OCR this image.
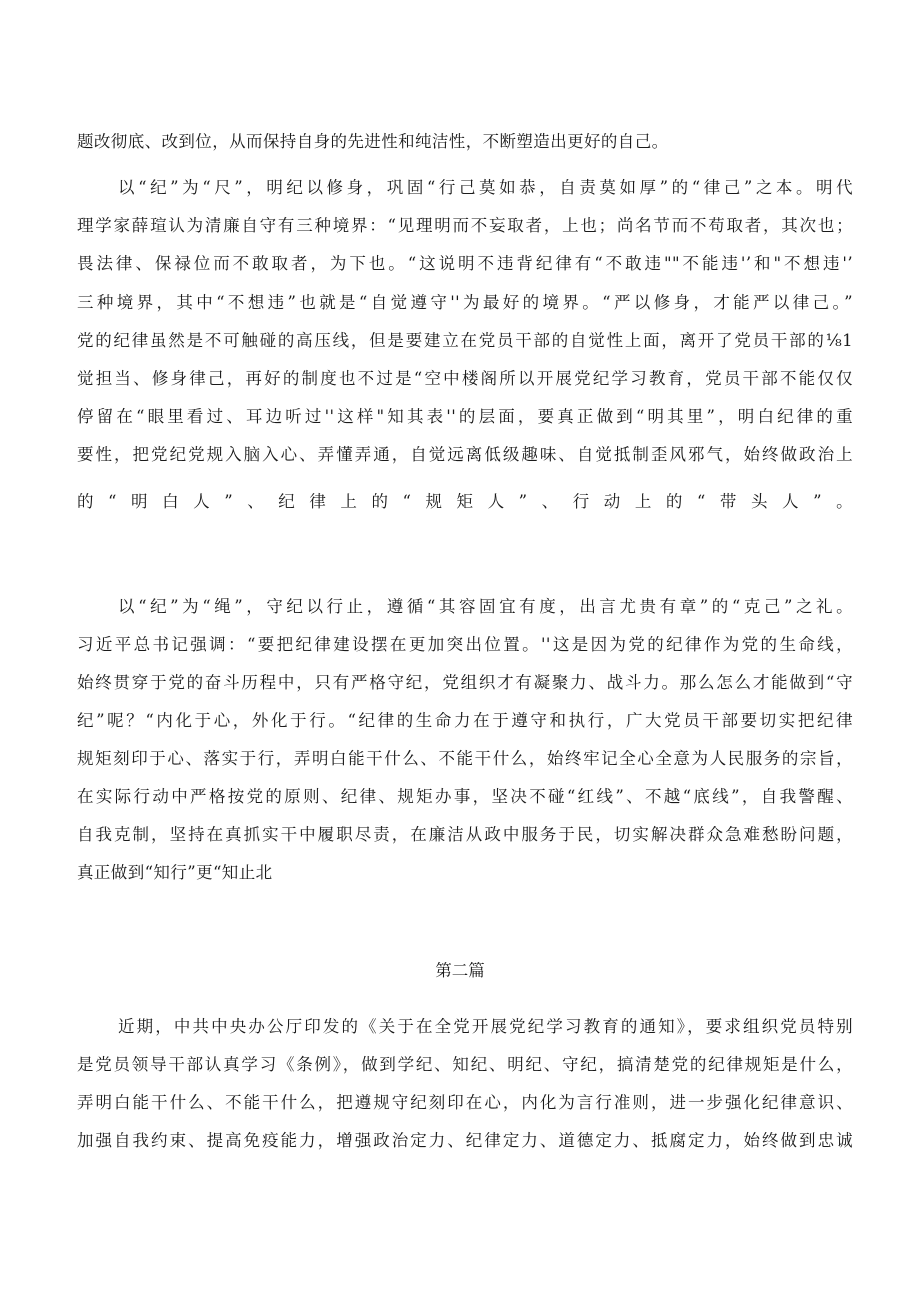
题改彻底、改到位，从而保持自身的先进性和纯洁性，不断塑造出更好的自己。
以“纪”为“尺”，明纪以修身，巩固“行己莫如恭，自责莫如厚”的“律己”之本。明代
理学家薛瑄认为清廉自守有三种境界：“见理明而不妄取者，上也；尚名节而不苟取者，其次也；
畏法律、保禄位而不敢取者，为下也。“这说明不违背纪律有“不敢违""不能违'’和"不想违'’
三种境界，其中“不想违”也就是“自觉遵守''为最好的境界。“严以修身，才能严以律己。”
党的纪律虽然是不可触碰的高压线，但是要建立在党员干部的自觉性上面，离开了党员干部的⅛1
觉担当、修身律己，再好的制度也不过是“空中楼阁所以开展党纪学习教育，党员干部不能仅仅
停留在“眼里看过、耳边听过''这样"知其表''的层面，要真正做到“明其里”，明白纪律的重
要性，把党纪党规入脑入心、弄懂弄通，自觉远离低级趣味、自觉抵制歪风邪气，始终做政治上
的“明白人”、纪律上的“规矩人”、行动上的“带头人”。
以“纪”为“绳”，守纪以行止，遵循“其容固宜有度，出言尤贵有章”的“克己”之礼。
习近平总书记强调：“要把纪律建设摆在更加突出位置。''这是因为党的纪律作为党的生命线，
始终贯穿于党的奋斗历程中，只有严格守纪，党组织才有凝聚力、战斗力。那么怎么才能做到“守
纪”呢？“内化于心，外化于行。“纪律的生命力在于遵守和执行，广大党员干部要切实把纪律
规矩刻印于心、落实于行，弄明白能干什么、不能干什么，始终牢记全心全意为人民服务的宗旨，
在实际行动中严格按党的原则、纪律、规矩办事，坚决不碰“红线”、不越“底线”，自我警醒、
自我克制，坚持在真抓实干中履职尽责，在廉洁从政中服务于民，切实解决群众急难愁盼问题，
真正做到“知行”更“知止北
第二篇
近期，中共中央办公厅印发的《关于在全党开展党纪学习教育的通知》，要求组织党员特别
是党员领导干部认真学习《条例》，做到学纪、知纪、明纪、守纪，搞清楚党的纪律规矩是什么，
弄明白能干什么、不能干什么，把遵规守纪刻印在心，内化为言行准则，进一步强化纪律意识、
加强自我约束、提高免疫能力，增强政治定力、纪律定力、道德定力、抵腐定力，始终做到忠诚
